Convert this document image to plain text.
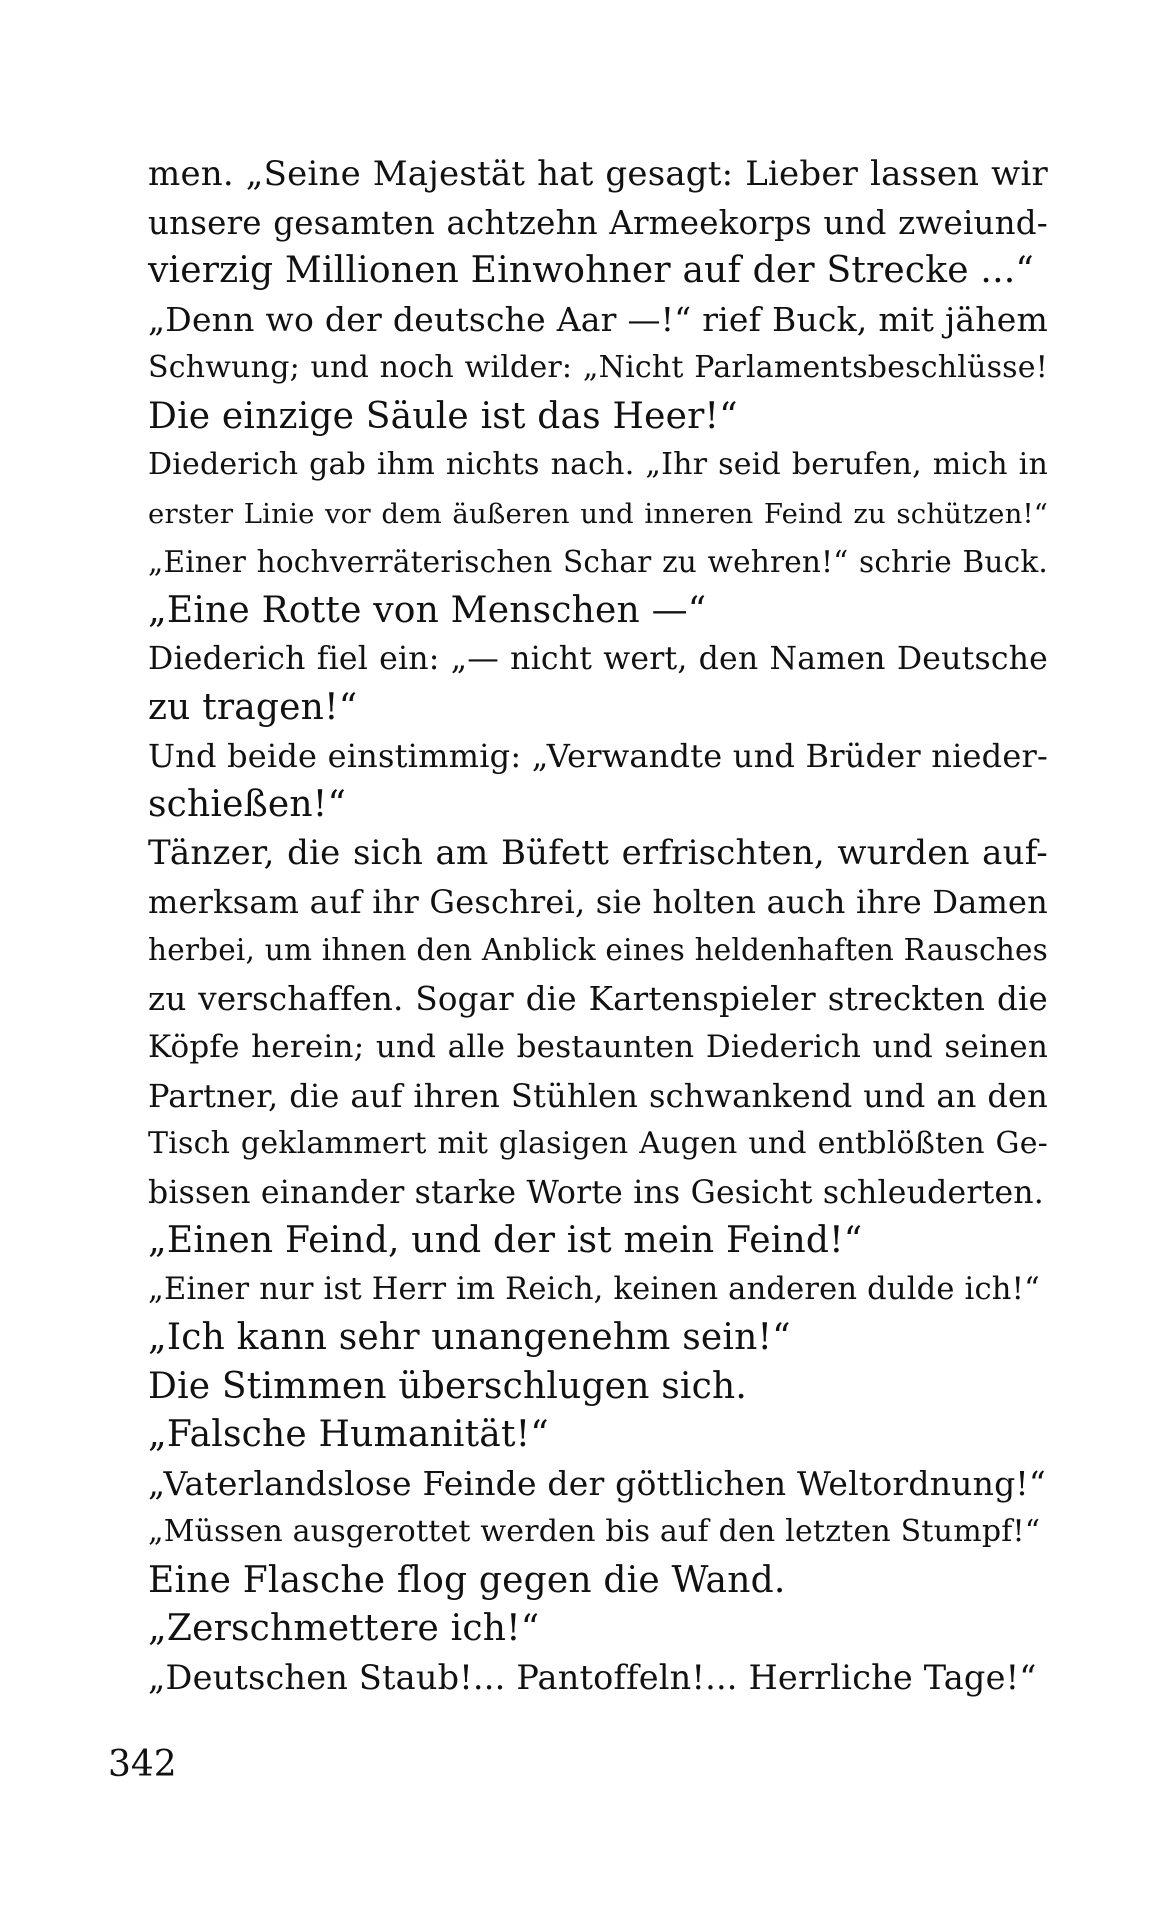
men. „Seine Majestät hat gesagt: Lieber lassen wir
unsere gesamten achtzehn Armeekorps und zweiund-
vierzig Millionen Einwohner auf der Strecke ...“
„Denn wo der deutsche Aar —!“ rief Buck, mit jähem
Schwung; und noch wilder: „Nicht Parlamentsbeschlüsse!
Die einzige Säule ist das Heer!“
Diederich gab ihm nichts nach. „Ihr seid berufen, mich in
erster Linie vor dem äußeren und inneren Feind zu schützen!“
„Einer hochverräterischen Schar zu wehren!“ schrie Buck.
„Eine Rotte von Menschen —“
Diederich fiel ein: „— nicht wert, den Namen Deutsche
zu tragen!“
Und beide einstimmig: „Verwandte und Brüder nieder-
schießen!“
Tänzer, die sich am Büfett erfrischten, wurden auf-
merksam auf ihr Geschrei, sie holten auch ihre Damen
herbei, um ihnen den Anblick eines heldenhaften Rausches
zu verschaffen. Sogar die Kartenspieler streckten die
Köpfe herein; und alle bestaunten Diederich und seinen
Partner, die auf ihren Stühlen schwankend und an den
Tisch geklammert mit glasigen Augen und entblößten Ge-
bissen einander starke Worte ins Gesicht schleuderten.
„Einen Feind, und der ist mein Feind!“
„Einer nur ist Herr im Reich, keinen anderen dulde ich!“
„Ich kann sehr unangenehm sein!“
Die Stimmen überschlugen sich.
„Falsche Humanität!“
„Vaterlandslose Feinde der göttlichen Weltordnung!“
„Müssen ausgerottet werden bis auf den letzten Stumpf!“
Eine Flasche flog gegen die Wand.
„Zerschmettere ich!“
„Deutschen Staub!... Pantoffeln!... Herrliche Tage!“
342
